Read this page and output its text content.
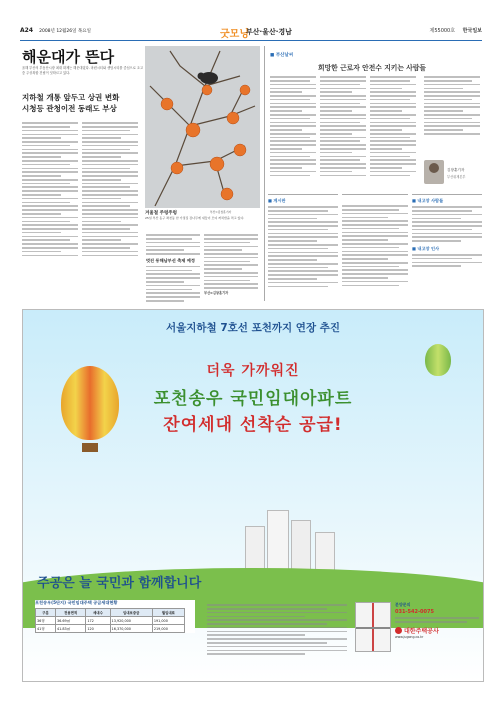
A24 2008년 12월26일 목요일	굿모닝
부산·울산·경남	제55000호 한국일보
해운대가 뜬다
올해 부산의 부동산시장 최대 화제는 해운대였다. 마린시티와 센텀시티를 중심으로 초고층 주상복합 건립이 잇따르고 있다.
지하철 개통 앞두고 상권 변화
시청등 관청이전 동래도 부상
멋진 동해남부선 축제 예정
부산=김창훈기자
겨울철 주렁주렁
25일 부산 동구 좌천동 한 가정집 감나무에 새들이 모여 까치밥을 먹고 있다.
부산=김창훈기자
■ 부산날씨
희망한 근로자 안전수 지키는 사람들
김창훈기자
부산취재본부
■ 게시판	■ 내고장 사람들
■ 내고장 인사
서울지하철 7호선 포천까지 연장 추진
더욱 가까워진
포천송우 국민임대아파트
잔여세대 선착순 공급!
주공은 늘 국민과 함께합니다
포천송우(5단지) 국민임대주택 공급세대현황
구분	전용면적	세대수	임대보증금	월임대료
36형	36.69㎡	172	13,920,000	191,000
41형	41.83㎡	120	16,370,000	219,000
분양문의
031-542-0075
대한주택공사
www.jugong.co.kr
